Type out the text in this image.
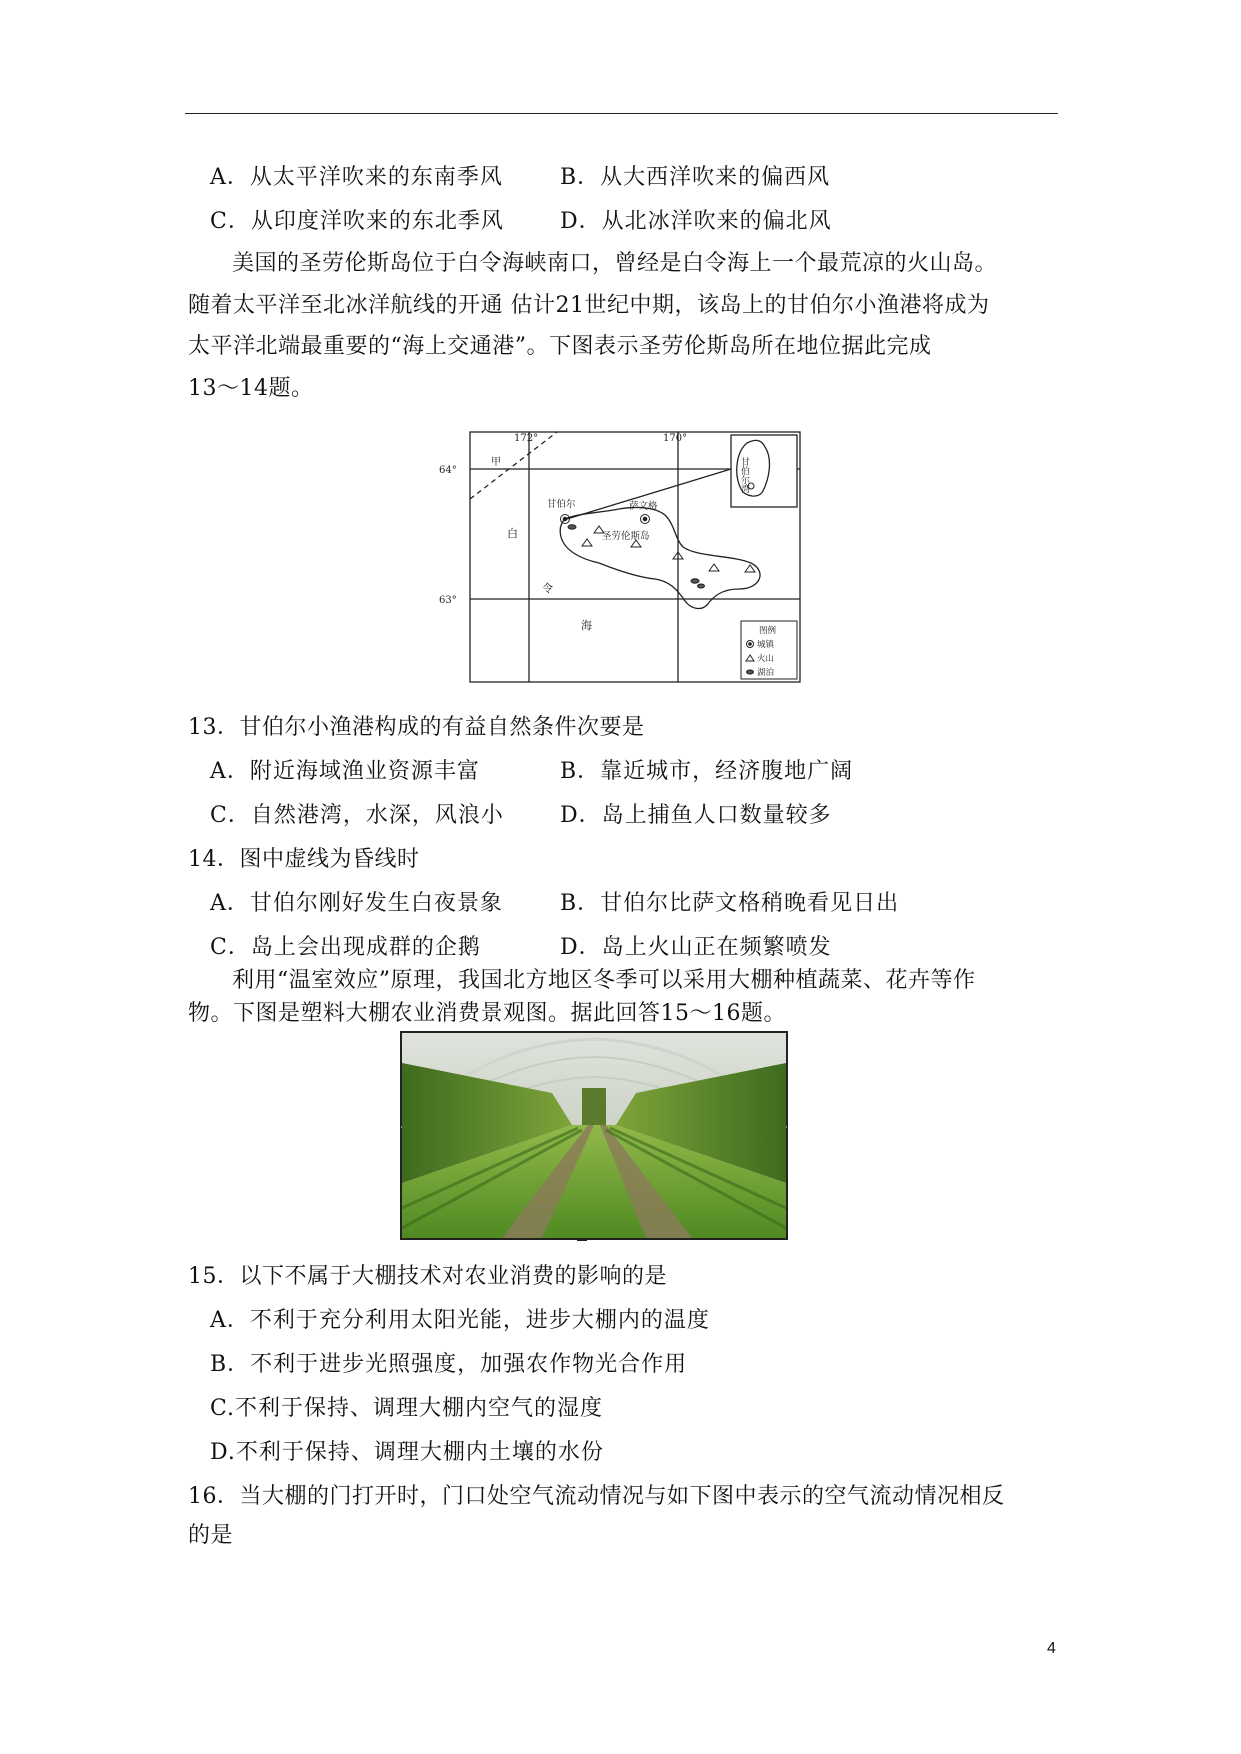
A．从太平洋吹来的东南季风	B．从大西洋吹来的偏西风
C．从印度洋吹来的东北季风	D．从北冰洋吹来的偏北风
美国的圣劳伦斯岛位于白令海峡南口，曾经是白令海上一个最荒凉的火山岛。
随着太平洋至北冰洋航线的开通 估计21世纪中期，该岛上的甘伯尔小渔港将成为
太平洋北端最重要的“海上交通港”。下图表示圣劳伦斯岛所在地位据此完成
13～14题。
172°	170°
64°
63°
甲
白
令
海
甘伯尔	萨文格
圣劳伦斯岛
甘伯尔湾
图例
城镇
火山
湖泊
13．甘伯尔小渔港构成的有益自然条件次要是
A．附近海域渔业资源丰富	B．靠近城市，经济腹地广阔
C．自然港湾，水深，风浪小	D．岛上捕鱼人口数量较多
14．图中虚线为昏线时
A．甘伯尔刚好发生白夜景象	B．甘伯尔比萨文格稍晚看见日出
C．岛上会出现成群的企鹅	D．岛上火山正在频繁喷发
利用“温室效应”原理，我国北方地区冬季可以采用大棚种植蔬菜、花卉等作
物。下图是塑料大棚农业消费景观图。据此回答15～16题。
15．以下不属于大棚技术对农业消费的影响的是
A．不利于充分利用太阳光能，进步大棚内的温度
B．不利于进步光照强度，加强农作物光合作用
C.不利于保持、调理大棚内空气的湿度
D.不利于保持、调理大棚内土壤的水份
16．当大棚的门打开时，门口处空气流动情况与如下图中表示的空气流动情况相反
的是
4
